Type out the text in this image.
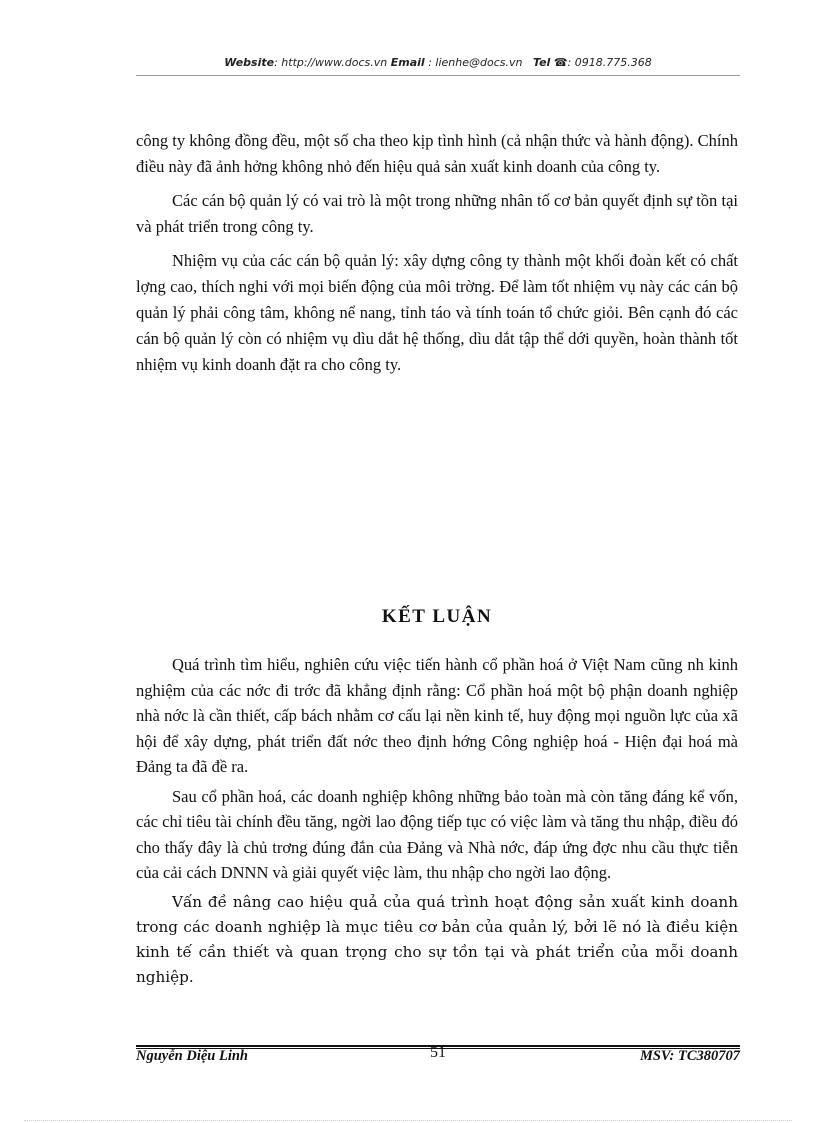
Website: http://www.docs.vn Email : lienhe@docs.vn Tel ☎: 0918.775.368

công ty không đồng đều, một số cha theo kịp tình hình (cả nhận thức và hành động). Chính điều này đã ảnh hởng không nhỏ đến hiệu quả sản xuất kinh doanh của công ty.

Các cán bộ quản lý có vai trò là một trong những nhân tố cơ bản quyết định sự tồn tại và phát triển trong công ty.

Nhiệm vụ của các cán bộ quản lý: xây dựng công ty thành một khối đoàn kết có chất lợng cao, thích nghi với mọi biến động của môi trờng. Để làm tốt nhiệm vụ này các cán bộ quản lý phải công tâm, không nể nang, tỉnh táo và tính toán tổ chức giỏi. Bên cạnh đó các cán bộ quản lý còn có nhiệm vụ dìu dắt hệ thống, dìu dắt tập thể dới quyền, hoàn thành tốt nhiệm vụ kinh doanh đặt ra cho công ty.

KẾT LUẬN

Quá trình tìm hiểu, nghiên cứu việc tiến hành cổ phần hoá ở Việt Nam cũng nh kinh nghiệm của các nớc đi trớc đã khẳng định rằng: Cổ phần hoá một bộ phận doanh nghiệp nhà nớc là cần thiết, cấp bách nhằm cơ cấu lại nền kinh tế, huy động mọi nguồn lực của xã hội để xây dựng, phát triển đất nớc theo định hớng Công nghiệp hoá - Hiện đại hoá mà Đảng ta đã đề ra.

Sau cổ phần hoá, các doanh nghiệp không những bảo toàn mà còn tăng đáng kể vốn, các chỉ tiêu tài chính đều tăng, ngời lao động tiếp tục có việc làm và tăng thu nhập, điều đó cho thấy đây là chủ trơng đúng đắn của Đảng và Nhà nớc, đáp ứng đợc nhu cầu thực tiễn của cải cách DNNN và giải quyết việc làm, thu nhập cho ngời lao động.

Vấn đề nâng cao hiệu quả của quá trình hoạt động sản xuất kinh doanh trong các doanh nghiệp là mục tiêu cơ bản của quản lý, bởi lẽ nó là điều kiện kinh tế cần thiết và quan trọng cho sự tồn tại và phát triển của mỗi doanh nghiệp.

Nguyễn Diệu Linh	51	MSV: TC380707
